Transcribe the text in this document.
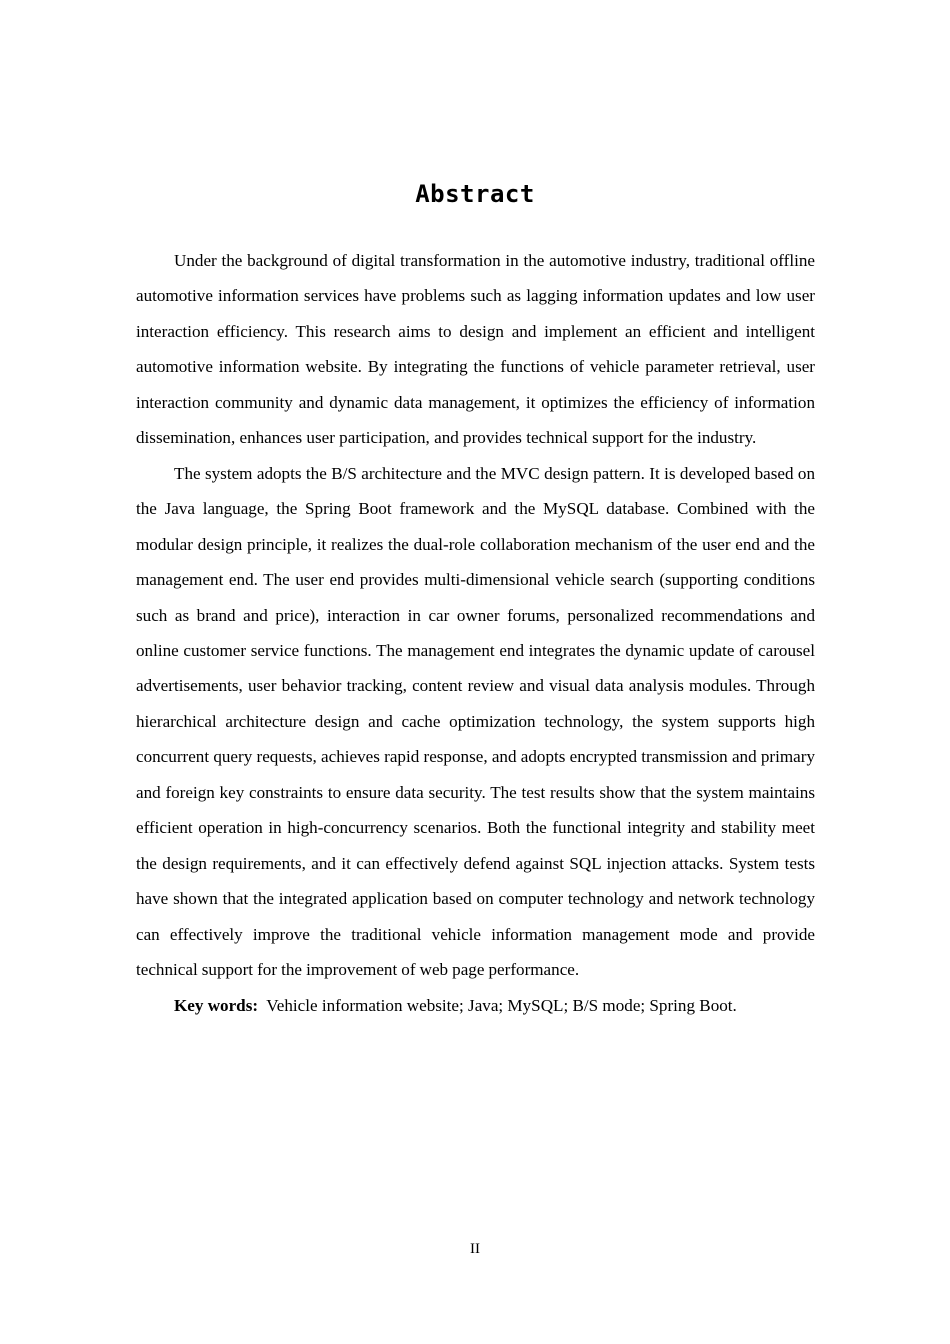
Abstract

Under the background of digital transformation in the automotive industry, traditional offline automotive information services have problems such as lagging information updates and low user interaction efficiency. This research aims to design and implement an efficient and intelligent automotive information website. By integrating the functions of vehicle parameter retrieval, user interaction community and dynamic data management, it optimizes the efficiency of information dissemination, enhances user participation, and provides technical support for the industry.

The system adopts the B/S architecture and the MVC design pattern. It is developed based on the Java language, the Spring Boot framework and the MySQL database. Combined with the modular design principle, it realizes the dual-role collaboration mechanism of the user end and the management end. The user end provides multi-dimensional vehicle search (supporting conditions such as brand and price), interaction in car owner forums, personalized recommendations and online customer service functions. The management end integrates the dynamic update of carousel advertisements, user behavior tracking, content review and visual data analysis modules. Through hierarchical architecture design and cache optimization technology, the system supports high concurrent query requests, achieves rapid response, and adopts encrypted transmission and primary and foreign key constraints to ensure data security. The test results show that the system maintains efficient operation in high-concurrency scenarios. Both the functional integrity and stability meet the design requirements, and it can effectively defend against SQL injection attacks. System tests have shown that the integrated application based on computer technology and network technology can effectively improve the traditional vehicle information management mode and provide technical support for the improvement of web page performance.

Key words: Vehicle information website; Java; MySQL; B/S mode; Spring Boot.

II
